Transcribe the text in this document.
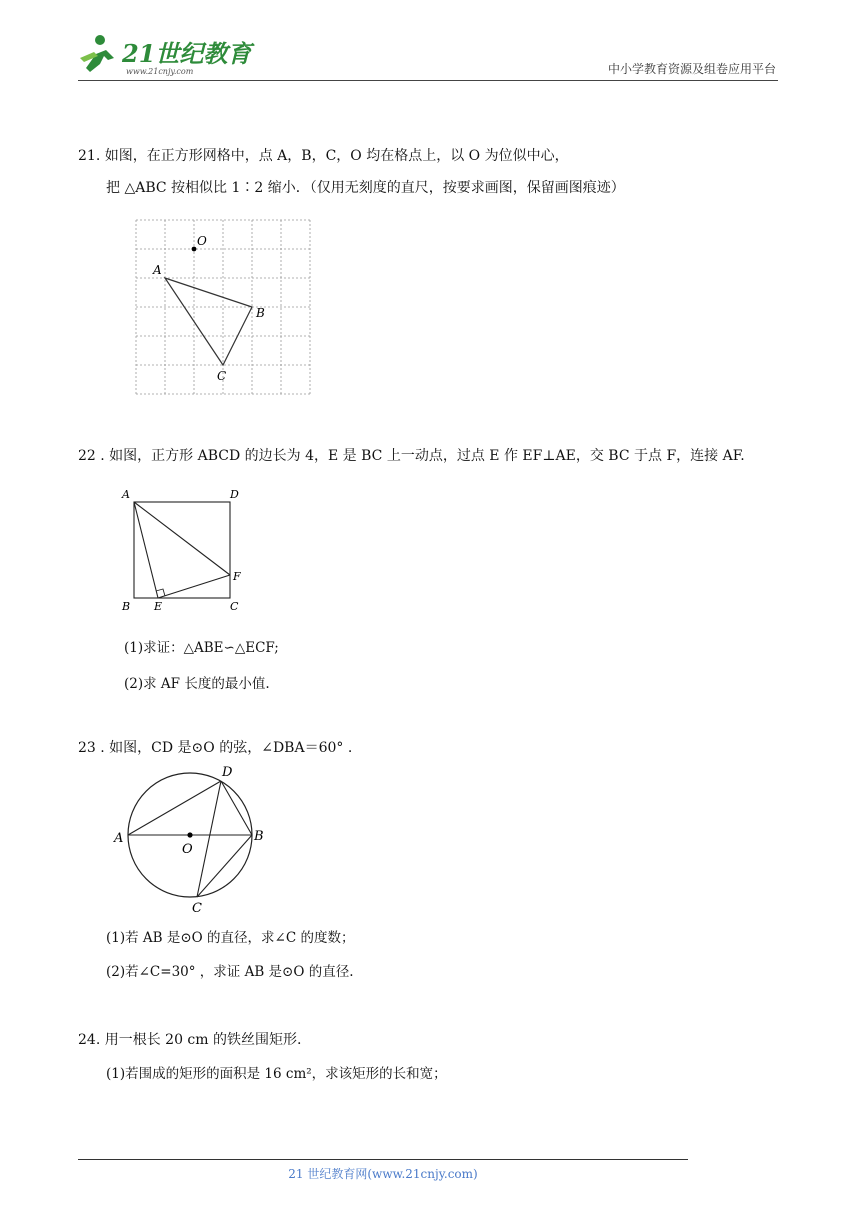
21世纪教育
www.21cnjy.com	中小学教育资源及组卷应用平台
21. 如图，在正方形网格中，点 A，B，C，O 均在格点上，以 O 为位似中心，
把 △ABC 按相似比 1∶2 缩小．（仅用无刻度的直尺，按要求画图，保留画图痕迹）
O
A
B
C
22 . 如图，正方形 ABCD 的边长为 4，E 是 BC 上一动点，过点 E 作 EF⊥AE，交 BC 于点 F，连接 AF.
A	D
B	C
E
F
(1)求证：△ABE∽△ECF;
(2)求 AF 长度的最小值.
23 . 如图，CD 是⊙O 的弦，∠DBA＝60° .
A	B
D
C
O
(1)若 AB 是⊙O 的直径，求∠C 的度数；
(2)若∠C=30° ，求证 AB 是⊙O 的直径.
24. 用一根长 20 cm 的铁丝围矩形.
(1)若围成的矩形的面积是 16 cm²，求该矩形的长和宽；
21 世纪教育网(www.21cnjy.com)
